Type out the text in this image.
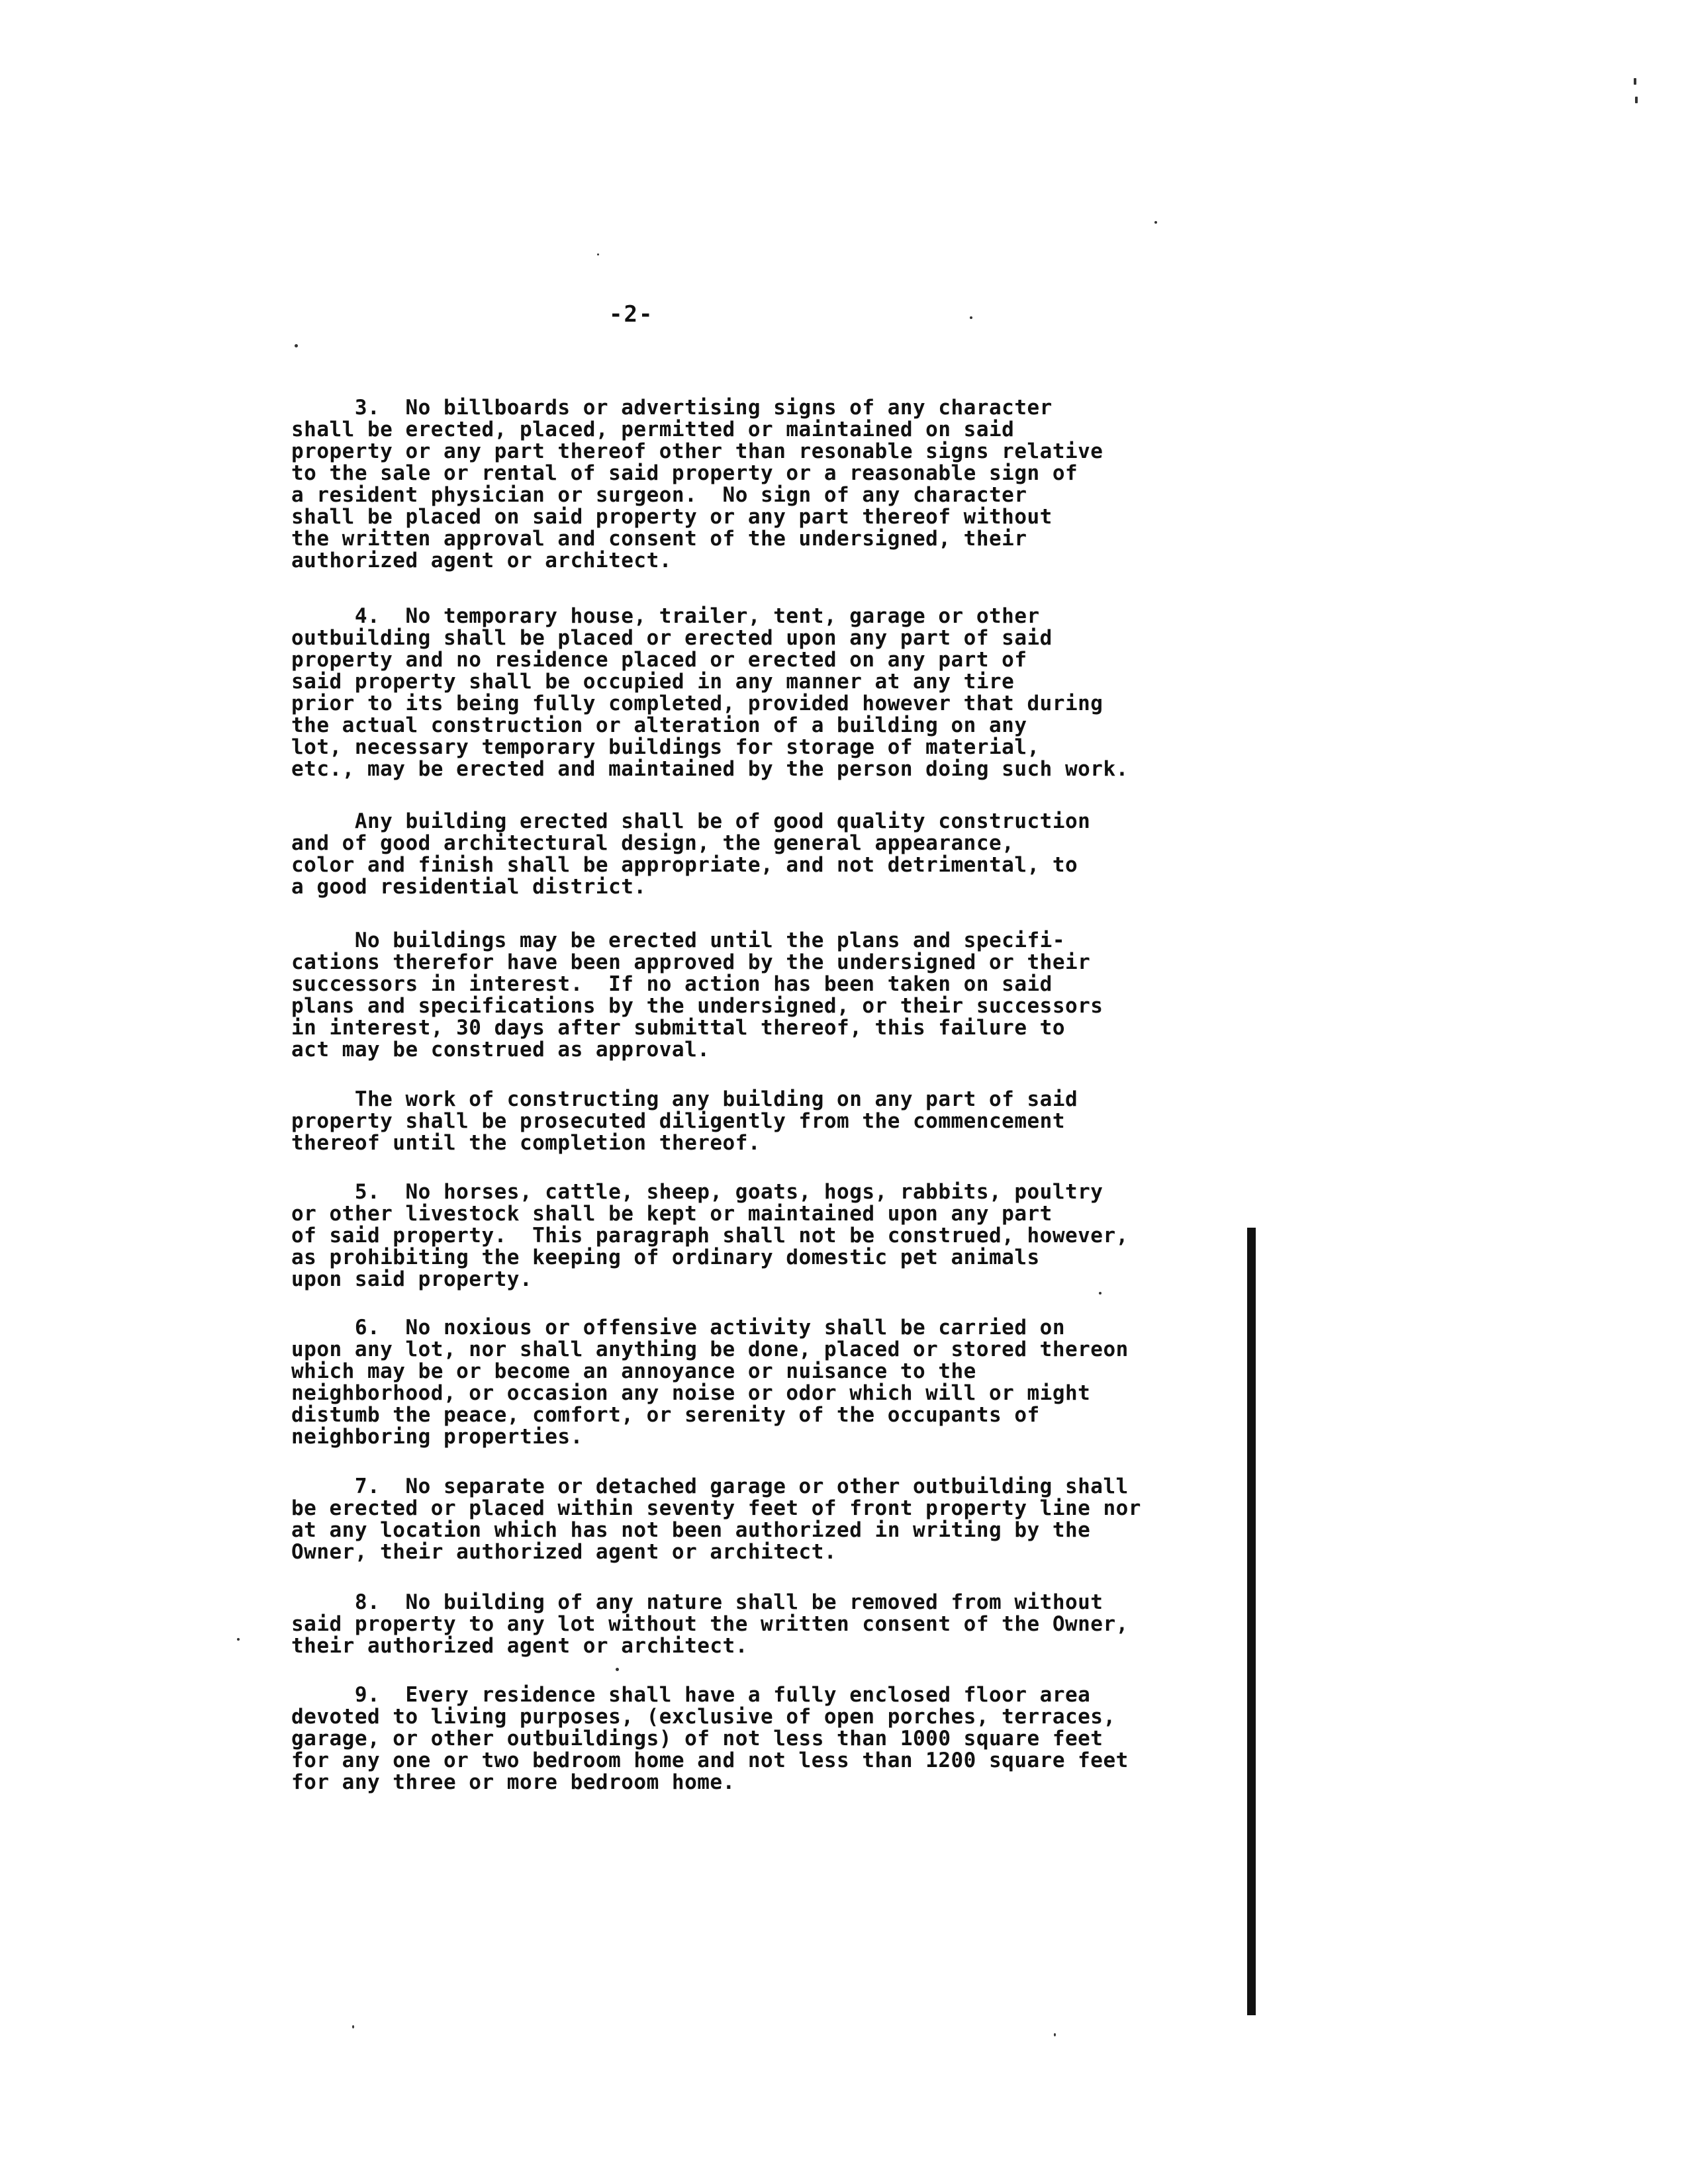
-2-

3.  No billboards or advertising signs of any character
shall be erected, placed, permitted or maintained on said
property or any part thereof other than resonable signs relative
to the sale or rental of said property or a reasonable sign of
a resident physician or surgeon.  No sign of any character
shall be placed on said property or any part thereof without
the written approval and consent of the undersigned, their
authorized agent or architect.

4.  No temporary house, trailer, tent, garage or other
outbuilding shall be placed or erected upon any part of said
property and no residence placed or erected on any part of
said property shall be occupied in any manner at any tire
prior to its being fully completed, provided however that during
the actual construction or alteration of a building on any
lot, necessary temporary buildings for storage of material,
etc., may be erected and maintained by the person doing such work.

Any building erected shall be of good quality construction
and of good architectural design, the general appearance,
color and finish shall be appropriate, and not detrimental, to
a good residential district.

No buildings may be erected until the plans and specifi-
cations therefor have been approved by the undersigned or their
successors in interest.  If no action has been taken on said
plans and specifications by the undersigned, or their successors
in interest, 30 days after submittal thereof, this failure to
act may be construed as approval.

The work of constructing any building on any part of said
property shall be prosecuted diligently from the commencement
thereof until the completion thereof.

5.  No horses, cattle, sheep, goats, hogs, rabbits, poultry
or other livestock shall be kept or maintained upon any part
of said property.  This paragraph shall not be construed, however,
as prohibiting the keeping of ordinary domestic pet animals
upon said property.

6.  No noxious or offensive activity shall be carried on
upon any lot, nor shall anything be done, placed or stored thereon
which may be or become an annoyance or nuisance to the
neighborhood, or occasion any noise or odor which will or might
distumb the peace, comfort, or serenity of the occupants of
neighboring properties.

7.  No separate or detached garage or other outbuilding shall
be erected or placed within seventy feet of front property line nor
at any location which has not been authorized in writing by the
Owner, their authorized agent or architect.

8.  No building of any nature shall be removed from without
said property to any lot without the written consent of the Owner,
their authorized agent or architect.

9.  Every residence shall have a fully enclosed floor area
devoted to living purposes, (exclusive of open porches, terraces,
garage, or other outbuildings) of not less than 1000 square feet
for any one or two bedroom home and not less than 1200 square feet
for any three or more bedroom home.
